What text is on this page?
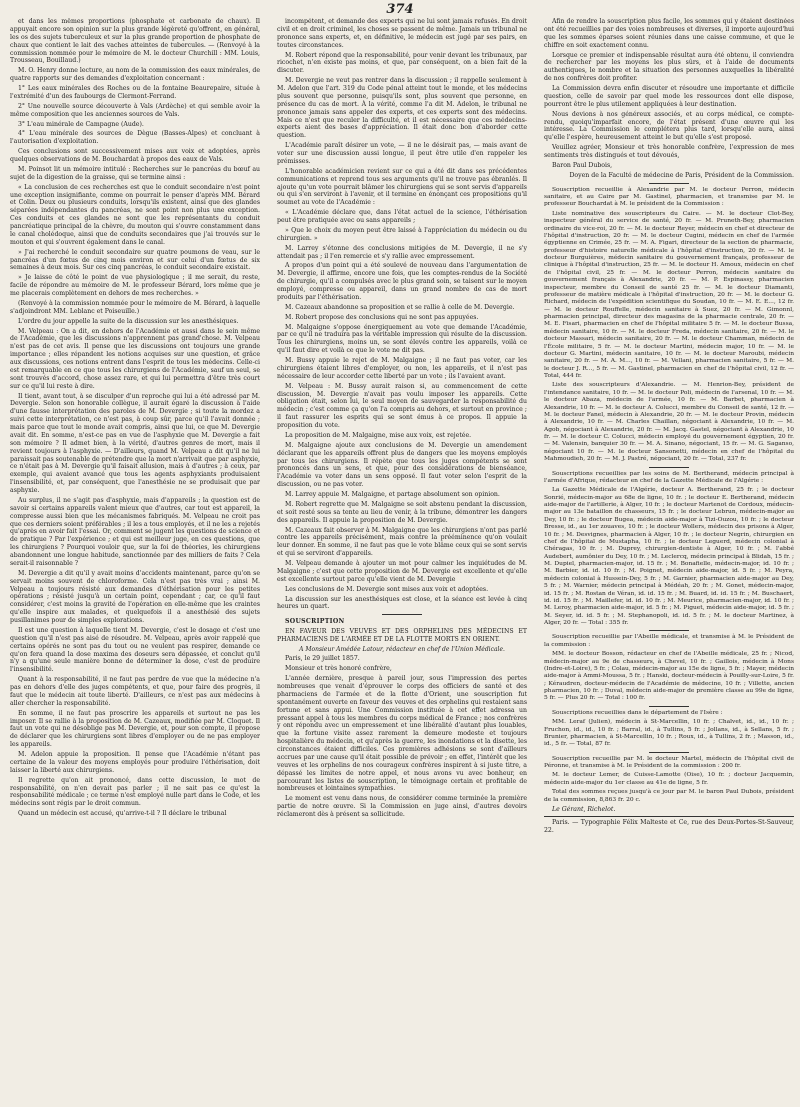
374

et dans les mêmes proportions (phosphate et carbonate de chaux). Il appuyait encore son opinion sur la plus grande légèreté qu'offrent, en général, les os des sujets tuberculeux et sur la plus grande proportion de phosphate de chaux que contient le lait des vaches atteintes de tubercules. — (Renvoyé à la commission nommée pour le mémoire de M. le docteur Churchill : MM. Louis, Trousseau, Bouillaud.)

M. O. Henry donne lecture, au nom de la commission des eaux minérales, de quatre rapports sur des demandes d'exploitation concernant :

1° Les eaux minérales des Roches ou de la fontaine Beaurepaire, située à l'extrémité d'un des faubourgs de Clermont-Ferrand.

2° Une nouvelle source découverte à Vals (Ardèche) et qui semble avoir la même composition que les anciennes sources de Vals.

3° L'eau minérale de Campagne (Aude).

4° L'eau minérale des sources de Dègue (Basses-Alpes) et concluant à l'autorisation d'exploitation.

Ces conclusions sont successivement mises aux voix et adoptées, après quelques observations de M. Bouchardat à propos des eaux de Vals.

M. Poinsot lit un mémoire intitulé : Recherches sur le pancréas du bœuf au sujet de la digestion de la graisse, qui se termine ainsi :

« La conclusion de ces recherches est que le conduit secondaire n'est point une exception insignifiante, comme on pourrait le penser d'après MM. Bérard et Colin. Deux ou plusieurs conduits, lorsqu'ils existent, ainsi que des glandes séparées indépendantes du pancréas, ne sont point non plus une exception. Ces conduits et ces glandes ne sont que les représentants du conduit pancréatique principal de la chèvre, du mouton qui s'ouvre constamment dans le canal cholédoque, ainsi que de conduits secondaires que j'ai trouvés sur le mouton et qui s'ouvrent également dans le canal.

» J'ai recherché le conduit secondaire sur quatre poumons de veau, sur le pancréas d'un fœtus de cinq mois environ et sur celui d'un fœtus de six semaines à deux mois. Sur ces cinq pancréas, le conduit secondaire existait.

» Je laisse de côté le point de vue physiologique ; il me serait, du reste, facile de répondre au mémoire de M. le professeur Bérard, lors même que je me placerais complètement en dehors de mes recherches. »

(Renvoyé à la commission nommée pour le mémoire de M. Bérard, à laquelle s'adjoindront MM. Leblanc et Poiseuille.)

L'ordre du jour appelle la suite de la discussion sur les anesthésiques.

M. Velpeau : On a dit, en dehors de l'Académie et aussi dans le sein même de l'Académie, que les discussions n'apprennent pas grand'chose. M. Velpeau n'est pas de cet avis. Il pense que les discussions ont toujours une grande importance ; elles répandent les notions acquises sur une question, et grâce aux discussions, ces notions entrent dans l'esprit de tous les médecins. Celle-ci est remarquable en ce que tous les chirurgiens de l'Académie, sauf un seul, se sont trouvés d'accord, chose assez rare, et qui lui permettra d'être très court sur ce qu'il lui reste à dire.

Il tient, avant tout, à se disculper d'un reproche qui lui a été adressé par M. Devergie. Selon son honorable collègue, il aurait égaré la discussion à l'aide d'une fausse interprétation des paroles de M. Devergie ; si toute la mordez a suivi cette interprétation, ce n'est pas, à coup sûr, parce qu'il l'avait donnée ; mais parce que tout le monde avait compris, ainsi que lui, ce que M. Devergie avait dit. En somme, n'est-ce pas en vue de l'asphyxie que M. Devergie a fait son mémoire ? Il admet bien, à la vérité, d'autres genres de mort, mais il revient toujours à l'asphyxie. — D'ailleurs, quand M. Velpeau a dit qu'il ne lui paraissait pas soutenable de prétendre que la mort n'arrivait que par asphyxie, ce n'était pas à M. Devergie qu'il faisait allusion, mais à d'autres ; à ceux, par exemple, qui avaient avancé que tous les agents asphyxiants produisaient l'insensibilité, et, par conséquent, que l'anesthésie ne se produisait que par asphyxie.

Au surplus, il ne s'agit pas d'asphyxie, mais d'appareils ; la question est de savoir si certains appareils valent mieux que d'autres, car tout est appareil, la compresse aussi bien que les mécanismes fabriqués. M. Velpeau ne croit pas que ces derniers soient préférables ; il les a tous employés, et il ne les a rejetés qu'après en avoir fait l'essai. Or, comment se jugent les questions de science et de pratique ? Par l'expérience ; et qui est meilleur juge, en ces questions, que les chirurgiens ? Pourquoi vouloir que, sur la foi de théories, les chirurgiens abandonnent une longue habitude, sanctionnée par des milliers de faits ? Cela serait-il raisonnable ?

M. Devergie a dit qu'il y avait moins d'accidents maintenant, parce qu'on se servait moins souvent de chloroforme. Cela n'est pas très vrai ; ainsi M. Velpeau a toujours résisté aux demandes d'éthérisation pour les petites opérations ; résisté jusqu'à un certain point, cependant ; car, ce qu'il faut considérer, c'est moins la gravité de l'opération en elle-même que les craintes qu'elle inspire aux malades, et quelquefois il a anesthésié des sujets pusillanimes pour de simples explorations.

Il est une question à laquelle tient M. Devergie, c'est le dosage et c'est une question qu'il n'est pas aisé de résoudre. M. Velpeau, après avoir rappelé que certains opérés ne sont pas du tout ou ne veulent pas respirer, demande ce qu'on fera quand la dose maxima des doseurs sera dépassée, et conclut qu'il n'y a qu'une seule manière bonne de déterminer la dose, c'est de produire l'insensibilité.

Quant à la responsabilité, il ne faut pas perdre de vue que la médecine n'a pas en dehors d'elle des juges compétents, et que, pour faire des progrès, il faut que le médecin ait toute liberté. D'ailleurs, ce n'est pas aux médecins à aller chercher la responsabilité.

En somme, il ne faut pas proscrire les appareils et surtout ne pas les imposer. Il se rallie à la proposition de M. Cazeaux, modifiée par M. Cloquet. Il faut un vote qui ne désoblige pas M. Devergie, et, pour son compte, il propose de déclarer que les chirurgiens sont libres d'employer ou de ne pas employer les appareils.

M. Adelon appuie la proposition. Il pense que l'Académie n'étant pas certaine de la valeur des moyens employés pour produire l'éthérisation, doit laisser la liberté aux chirurgiens.

Il regrette qu'on ait prononcé, dans cette discussion, le mot de responsabilité, on n'en devait pas parler ; il ne sait pas ce qu'est la responsabilité médicale ; ce terme n'est employé nulle part dans le Code, et les médecins sont régis par le droit commun.

Quand un médecin est accusé, qu'arrive-t-il ? Il déclare le tribunal

incompétent, et demande des experts qui ne lui sont jamais refusés. En droit civil et en droit criminel, les choses se passent de même. Jamais un tribunal ne prononce sans experts, et, en définitive, le médecin est jugé par ses pairs, en toutes circonstances.

M. Robert répond que la responsabilité, pour venir devant les tribunaux, par ricochet, n'en existe pas moins, et que, par conséquent, on a bien fait de la discuter.

M. Devergie ne veut pas rentrer dans la discussion ; il rappelle seulement à M. Adelon que l'art. 319 du Code pénal atteint tout le monde, et les médecins plus souvent que personne, puisqu'ils sont, plus souvent que personne, en présence du cas de mort. À la vérité, comme l'a dit M. Adelon, le tribunal ne prononce jamais sans appeler des experts, et ces experts sont des médecins. Mais ce n'est que reculer la difficulté, et il est nécessaire que ces médecins-experts aient des bases d'appréciation. Il était donc bon d'aborder cette question.

L'Académie paraît désirer un vote, — il ne le désirait pas, — mais avant de voter sur une discussion aussi longue, il peut être utile d'en rappeler les prémisses.

L'honorable académicien revient sur ce qui a été dit dans ses précédentes communications et reprend tous ses arguments qu'il ne trouve pas ébranlés. Il ajoute qu'un vote pourrait blâmer les chirurgiens qui se sont servis d'appareils ou qui s'en serviront à l'avenir, et il termine en énonçant ces propositions qu'il soumet au vote de l'Académie :

« L'Académie déclare que, dans l'état actuel de la science, l'éthérisation peut être pratiquée avec ou sans appareils ;

» Que le choix du moyen peut être laissé à l'appréciation du médecin ou du chirurgien. »

M. Larrey s'étonne des conclusions mitigées de M. Devergie, il ne s'y attendait pas ; il l'en remercie et s'y rallie avec empressement.

A propos d'un point qui a été soulevé de nouveau dans l'argumentation de M. Devergie, il affirme, encore une fois, que les comptes-rendus de la Société de chirurgie, qu'il a compulsés avec le plus grand soin, se taisent sur le moyen employé, compresse ou appareil, dans un grand nombre de cas de mort produits par l'éthérisation.

M. Cazeaux abandonne sa proposition et se rallie à celle de M. Devergie.

M. Robert propose des conclusions qui ne sont pas appuyées.

M. Malgaigne s'oppose énergiquement au vote que demande l'Académie, par ce qu'il ne traduira pas la véritable impression qui résulte de la discussion. Tous les chirurgiens, moins un, se sont élevés contre les appareils, voilà ce qu'il faut dire et voilà ce que le vote ne dit pas.

M. Bussy appuie le rejet de M. Malgaigne ; il ne faut pas voter, car les chirurgiens étaient libres d'employer, ou non, les appareils, et il n'est pas nécessaire de leur accorder cette liberté par un vote ; ils l'avaient avant.

M. Velpeau : M. Bussy aurait raison si, au commencement de cette discussion, M. Devergie n'avait pas voulu imposer les appareils. Cette obligation était, selon lui, le seul moyen de sauvegarder la responsabilité du médecin ; c'est comme ça qu'on l'a compris au dehors, et surtout en province ; il faut rassurer les esprits qui se sont émus à ce propos. Il appuie la proposition du vote.

La proposition de M. Malgaigne, mise aux voix, est rejetée.

M. Malgaigne ajoute aux conclusions de M. Devergie un amendement déclarant que les appareils offrent plus de dangers que les moyens employés par tous les chirurgiens. Il répète que tous les juges compétents se sont prononcés dans un sens, et que, pour des considérations de bienséance, l'Académie va voter dans un sens opposé. Il faut voter selon l'esprit de la discussion, ou ne pas voter.

M. Larrey appuie M. Malgaigne, et partage absolument son opinion.

M. Robert regrette que M. Malgaigne se soit abstenu pendant la discussion, et soit resté sous sa tente au lieu de venir, à la tribune, démontrer les dangers des appareils. Il appuie la proposition de M. Devergie.

M. Cazeaux fait observer à M. Malgaigne que les chirurgiens n'ont pas parlé contre les appareils précisément, mais contre la prééminence qu'on voulait leur donner. En somme, il ne faut pas que le vote blâme ceux qui se sont servis et qui se serviront d'appareils.

M. Velpeau demande à ajouter un mot pour calmer les inquiétudes de M. Malgaigne ; c'est que cette proposition de M. Devergie est excellente et qu'elle est excellente surtout parce qu'elle vient de M. Devergie

Les conclusions de M. Devergie sont mises aux voix et adoptées.

La discussion sur les anesthésiques est close, et la séance est levée à cinq heures un quart.

SOUSCRIPTION

EN FAVEUR DES VEUVES ET DES ORPHELINS DES MÉDECINS ET PHARMACIENS DE L'ARMÉE ET DE LA FLOTTE MORTS EN ORIENT.

A Monsieur Amédée Latour, rédacteur en chef de l'Union Médicale.

Paris, le 29 juillet 1857.

Monsieur et très honoré confrère,

L'année dernière, presque à pareil jour, sous l'impression des pertes nombreuses que venait d'éprouver le corps des officiers de santé et des pharmaciens de l'armée et de la flotte d'Orient, une souscription fut spontanément ouverte en faveur des veuves et des orphelins qui restaient sans fortune et sans appui. Une Commission instituée à cet effet adressa un pressant appel à tous les membres du corps médical de France ; nos confrères y ont répondu avec un empressement et une libéralité d'autant plus louables, que la fortune visite assez rarement la demeure modeste et toujours hospitalière du médecin, et qu'après la guerre, les inondations et la disette, les circonstances étaient difficiles. Ces premières adhésions se sont d'ailleurs accrues par une cause qu'il était possible de prévoir ; en effet, l'intérêt que les veuves et les orphelins de nos courageux confrères inspirent à si juste titre, a dépassé les limites de notre appel, et nous avons vu avec bonheur, en parcourant les listes de souscription, le témoignage certain et profitable de nombreuses et lointaines sympathies.

Le moment est venu dans nous, de considérer comme terminée la première partie de notre œuvre. Si la Commission en juge ainsi, d'autres devoirs réclameront dès à présent sa sollicitude.

Afin de rendre la souscription plus facile, les sommes qui y étaient destinées ont été recueillies par des voies nombreuses et diverses, il importe aujourd'hui que les sommes éparses soient réunies dans une caisse commune, et que le chiffre en soit exactement connu.

Lorsque ce premier et indispensable résultat aura été obtenu, il conviendra de rechercher par les moyens les plus sûrs, et à l'aide de documents authentiques, le nombre et la situation des personnes auxquelles la libéralité de nos confrères doit profiter.

La Commission devra enfin discuter et résoudre une importante et difficile question, celle de savoir par quel mode les ressources dont elle dispose, pourront être le plus utilement appliquées à leur destination.

Nous devions à nos généreux associés, et au corps médical, ce compte-rendu, quoiqu'imparfait encore, de l'état présent d'une œuvre qui les intéresse. La Commission le complétera plus tard, lorsqu'elle aura, ainsi qu'elle l'espère, heureusement atteint le but qu'elle s'est proposé.

Veuillez agréer, Monsieur et très honorable confrère, l'expression de mes sentiments très distingués et tout dévoués,

Baron Paul Dubois,

Doyen de la Faculté de médecine de Paris, Président de la Commission.

Souscription recueillie à Alexandrie par M. le docteur Perron, médecin sanitaire, et au Caire par M. Gastinel, pharmacien, et transmise par M. le professeur Bouchardat à M. le président de la Commission :

Liste nominative des souscripteurs du Caire. — M. le docteur Clot-Bey, inspecteur général du service de santé, 20 fr. — M. Pruneth-Bey, pharmacien ordinaire du vice-roi, 20 fr. — M. le docteur Reyer, médecin en chef et directeur de l'hôpital d'instruction, 20 fr. — M. le docteur Cugini, médecin en chef de l'armée égyptienne en Crimée, 25 fr. — M. A. Figari, directeur de la section de pharmacie, professeur d'histoire naturelle médicale à l'hôpital d'instruction, 20 fr. — M. le docteur Burguières, médecin sanitaire du gouvernement français, professeur de clinique à l'hôpital d'instruction, 25 fr. — M. le docteur H. Amoux, médecin en chef de l'hôpital civil, 25 fr. — M. le docteur Perron, médecin sanitaire du gouvernement français à Alexandrie, 20 fr. — M. P. Espinassy, pharmacien inspecteur, membre du Conseil de santé 25 fr. — M. le docteur Diamanti, professeur de matière médicale à l'hôpital d'instruction, 20 fr. — M. le docteur G. Richard, médecin de l'expédition scientifique du Soudan, 10 fr. — M. E. E..., 12 fr. — M. le docteur Rouffelle, médecin sanitaire à Suez, 20 fr. — M. Gimonnl, pharmacien principal, directeur des magasins de la pharmacie centrale, 20 fr. — M. E. Fisari, pharmacien en chef de l'hôpital militaire 5 fr. — M. le docteur Bussa, médecin sanitaire, 10 fr. — M. le docteur Freda, médecin sanitaire, 20 fr. — M. le docteur Massari, médecin sanitaire, 20 fr. — M. le docteur Chamman, médecin de l'École militaire, 5 fr. — M. le docteur Martini, médecin major, 10 fr. — M. le docteur G. Martini, médecin sanitaire, 10 fr. — M. le docteur Maroubi, médecin sanitaire, 20 fr. — M. A. M..., 10 fr. — M. Vellani, pharmacien sanitaire, 5 fr. — M. le docteur J. R..., 5 fr. — M. Gastinel, pharmacien en chef de l'hôpital civil, 12 fr. — Total, 444 fr.

Liste des souscripteurs d'Alexandrie. — M. Henrion-Bey, président de l'intendance sanitaire, 10 fr. — M. le docteur Poli, médecin de l'arsenal, 10 fr. — M. le docteur Abaza, médecin de l'armée, 10 fr. — M. Barbet, pharmacien à Alexandrie, 10 fr. — M. le docteur A. Colucci, membre du Conseil de santé, 12 fr. — M. le docteur Fanel, médecin à Alexandrie, 20 fr. — M. le docteur Provin, médecin à Alexandrie, 10 fr. — M. Charles Chaillan, négociant à Alexandrie, 10 fr. — M. Agob, négociant à Alexandrie, 20 fr. — M. Jacq. Gastel, négociant à Alexandrie, 10 fr. — M. le docteur C. Colucci, médecin employé du gouvernement égyptien, 20 fr. — M. Valensin, banquier 30 fr. — M. A. Sinano, négociant, 15 fr. — M. G. Saganso, négociant 10 fr. — M. le docteur Sansonetti, médecin en chef de l'hôpital du Mahmoudieh, 20 fr. — M. J. Pastré, négociant, 20 fr. — Total, 237 fr.

Souscriptions recueillies par les soins de M. Bertherand, médecin principal à l'armée d'Afrique, rédacteur en chef de la Gazette Médicale de l'Algérie :

La Gazette Médicale de l'Algérie, docteur A. Bertherand, 25 fr. ; le docteur Sonrié, médecin-major au 68e de ligne, 10 fr. ; le docteur E. Bertherand, médecin aide-major de l'artillerie, à Alger, 10 fr. ; le docteur Martenot de Cordoux, médecin-major au 13e bataillon de chasseurs, 15 fr. ; le docteur Lebrun, médecin-major au Dey, 10 fr. ; le docteur Bugea, médecin aide-major à Tizi-Ouzou, 10 fr. ; le docteur Bresse, id., au 1er zouaves, 10 fr. ; le docteur Wollers, médecin des prisons à Alger, 10 fr. ; M. Desvignes, pharmacien à Alger, 10 fr. ; le docteur Negrin, chirurgien en chef de l'hôpital de Mustapha, 10 fr. ; le docteur Leguerd, médecin colonial à Chéragas, 10 fr. ; M. Duprey, chirurgien-dentiste à Alger, 10 fr. ; M. l'abbé Audebert, aumônier du Dey, 10 fr. ; M. Leclercq, médecin principal à Blidah, 15 fr. ; M. Dupiel, pharmacien-major, id. 15 fr. ; M. Bonafielle, médecin-major, id. 10 fr. ; M. Barbier, id. id. 10 fr. ; M. Poignet, médecin aide-major, id. 5 fr. ; M. Peyra, médecin colonial à Hussein-Dey, 5 fr. ; M. Garnier, pharmacien aide-major au Dey, 5 fr. ; M. Warnier, médecin principal à Médéah, 20 fr. ; M. Gonet, médecin-major, id. 15 fr. ; M. Rostan de Véran, id. id. 15 fr. ; M. Buard, id. id. 15 fr. ; M. Buschaert, id. id. 15 fr. ; M. Maillefer, id. id. 10 fr. ; M. Meurice, pharmacien-major, id. 10 fr. ; M. Leroy, pharmacien aide-major, id. 5 fr. ; M. Piguet, médecin aide-major, id. 5 fr. ; M. Seyer, id. id. 5 fr. ; M. Stephanopoli, id. id. 5 fr. ; M. le docteur Martinez, à Alger, 20 fr. — Total : 355 fr.

Souscription recueillie par l'Abeille médicale, et transmise à M. le Président de la commission :

MM. le docteur Bosson, rédacteur en chef de l'Abeille médicale, 25 fr. ; Nicod, médecin-major au 9e de chasseurs, à Chevel, 10 fr. ; Gaillois, médecin à Mons (Indre-et-Loire), 5 fr. ; Colau, médecin-major au 15e de ligne, 5 fr. ; Mayer, médecin aide-major à Ammi-Moussa, 5 fr. ; Hanski, docteur-médecin à Pouilly-sur-Loire, 5 fr. ; Kéraudren, docteur-médecin de l'Académie de médecine, 10 fr. ; Villette, ancien pharmacien, 10 fr. ; Duval, médecin aide-major de première classe au 99e de ligne, 5 fr. — Plus 20 fr. — Total : 100 fr.

Souscriptions recueillies dans le département de l'Isère :

MM. Leraf (Julien), médecin à St-Marcellin, 10 fr. ; Chalvet, id., id., 10 fr. ; Fruchon, id., id., 10 fr. ; Barral, id., à Tullins, 5 fr. ; Jollans, id., à Sellans, 5 fr. ; Brunier, pharmacien, à St-Marcellin, 10 fr. ; Roux, id., à Tullins, 2 fr. ; Masson, id., id., 5 fr. — Total, 87 fr.

Souscription recueillie par M. le docteur Martel, médecin de l'hôpital civil de Péronne, et transmise à M. le Président de la commission : 200 fr.

M. le docteur Lemer, de Cuisse-Lamotte (Oise), 10 fr. ; docteur Jacquemin, médecin aide-major du 1er classe au 41e de ligne, 5 fr.

Total des sommes reçues jusqu'à ce jour par M. le baron Paul Dubois, président de la commission, 8,863 fr. 20 c.

Le Gérant, Richelot.

Paris. — Typographie Félix Malteste et Ce, rue des Deux-Portes-St-Sauveur, 22.
